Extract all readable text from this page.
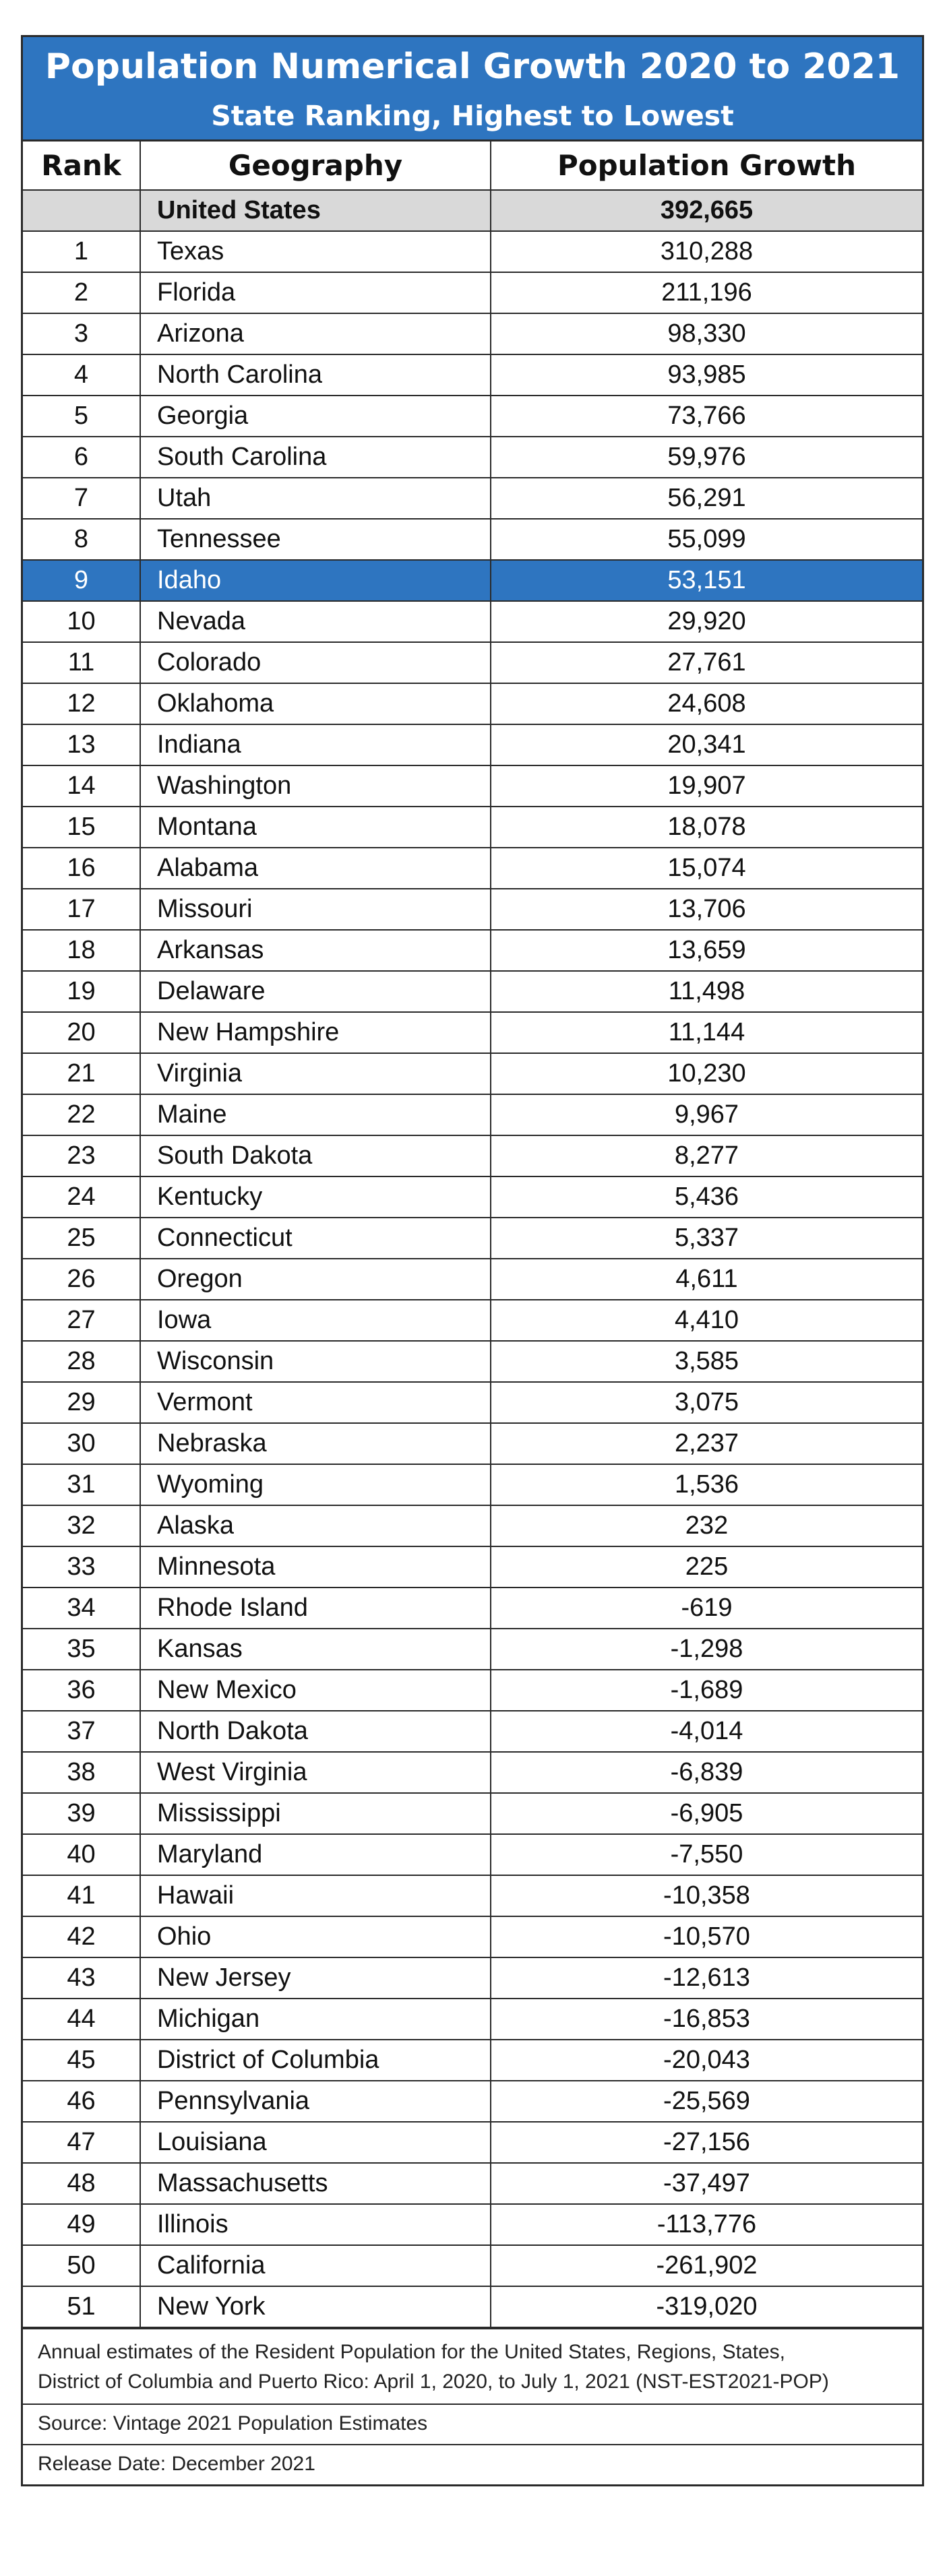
Population Numerical Growth 2020 to 2021
State Ranking, Highest to Lowest
Rank	Geography	Population Growth
	United States	392,665
1	Texas	310,288
2	Florida	211,196
3	Arizona	98,330
4	North Carolina	93,985
5	Georgia	73,766
6	South Carolina	59,976
7	Utah	56,291
8	Tennessee	55,099
9	Idaho	53,151
10	Nevada	29,920
11	Colorado	27,761
12	Oklahoma	24,608
13	Indiana	20,341
14	Washington	19,907
15	Montana	18,078
16	Alabama	15,074
17	Missouri	13,706
18	Arkansas	13,659
19	Delaware	11,498
20	New Hampshire	11,144
21	Virginia	10,230
22	Maine	9,967
23	South Dakota	8,277
24	Kentucky	5,436
25	Connecticut	5,337
26	Oregon	4,611
27	Iowa	4,410
28	Wisconsin	3,585
29	Vermont	3,075
30	Nebraska	2,237
31	Wyoming	1,536
32	Alaska	232
33	Minnesota	225
34	Rhode Island	-619
35	Kansas	-1,298
36	New Mexico	-1,689
37	North Dakota	-4,014
38	West Virginia	-6,839
39	Mississippi	-6,905
40	Maryland	-7,550
41	Hawaii	-10,358
42	Ohio	-10,570
43	New Jersey	-12,613
44	Michigan	-16,853
45	District of Columbia	-20,043
46	Pennsylvania	-25,569
47	Louisiana	-27,156
48	Massachusetts	-37,497
49	Illinois	-113,776
50	California	-261,902
51	New York	-319,020
Annual estimates of the Resident Population for the United States, Regions, States,
District of Columbia and Puerto Rico: April 1, 2020, to July 1, 2021 (NST-EST2021-POP)
Source: Vintage 2021 Population Estimates
Release Date: December 2021
